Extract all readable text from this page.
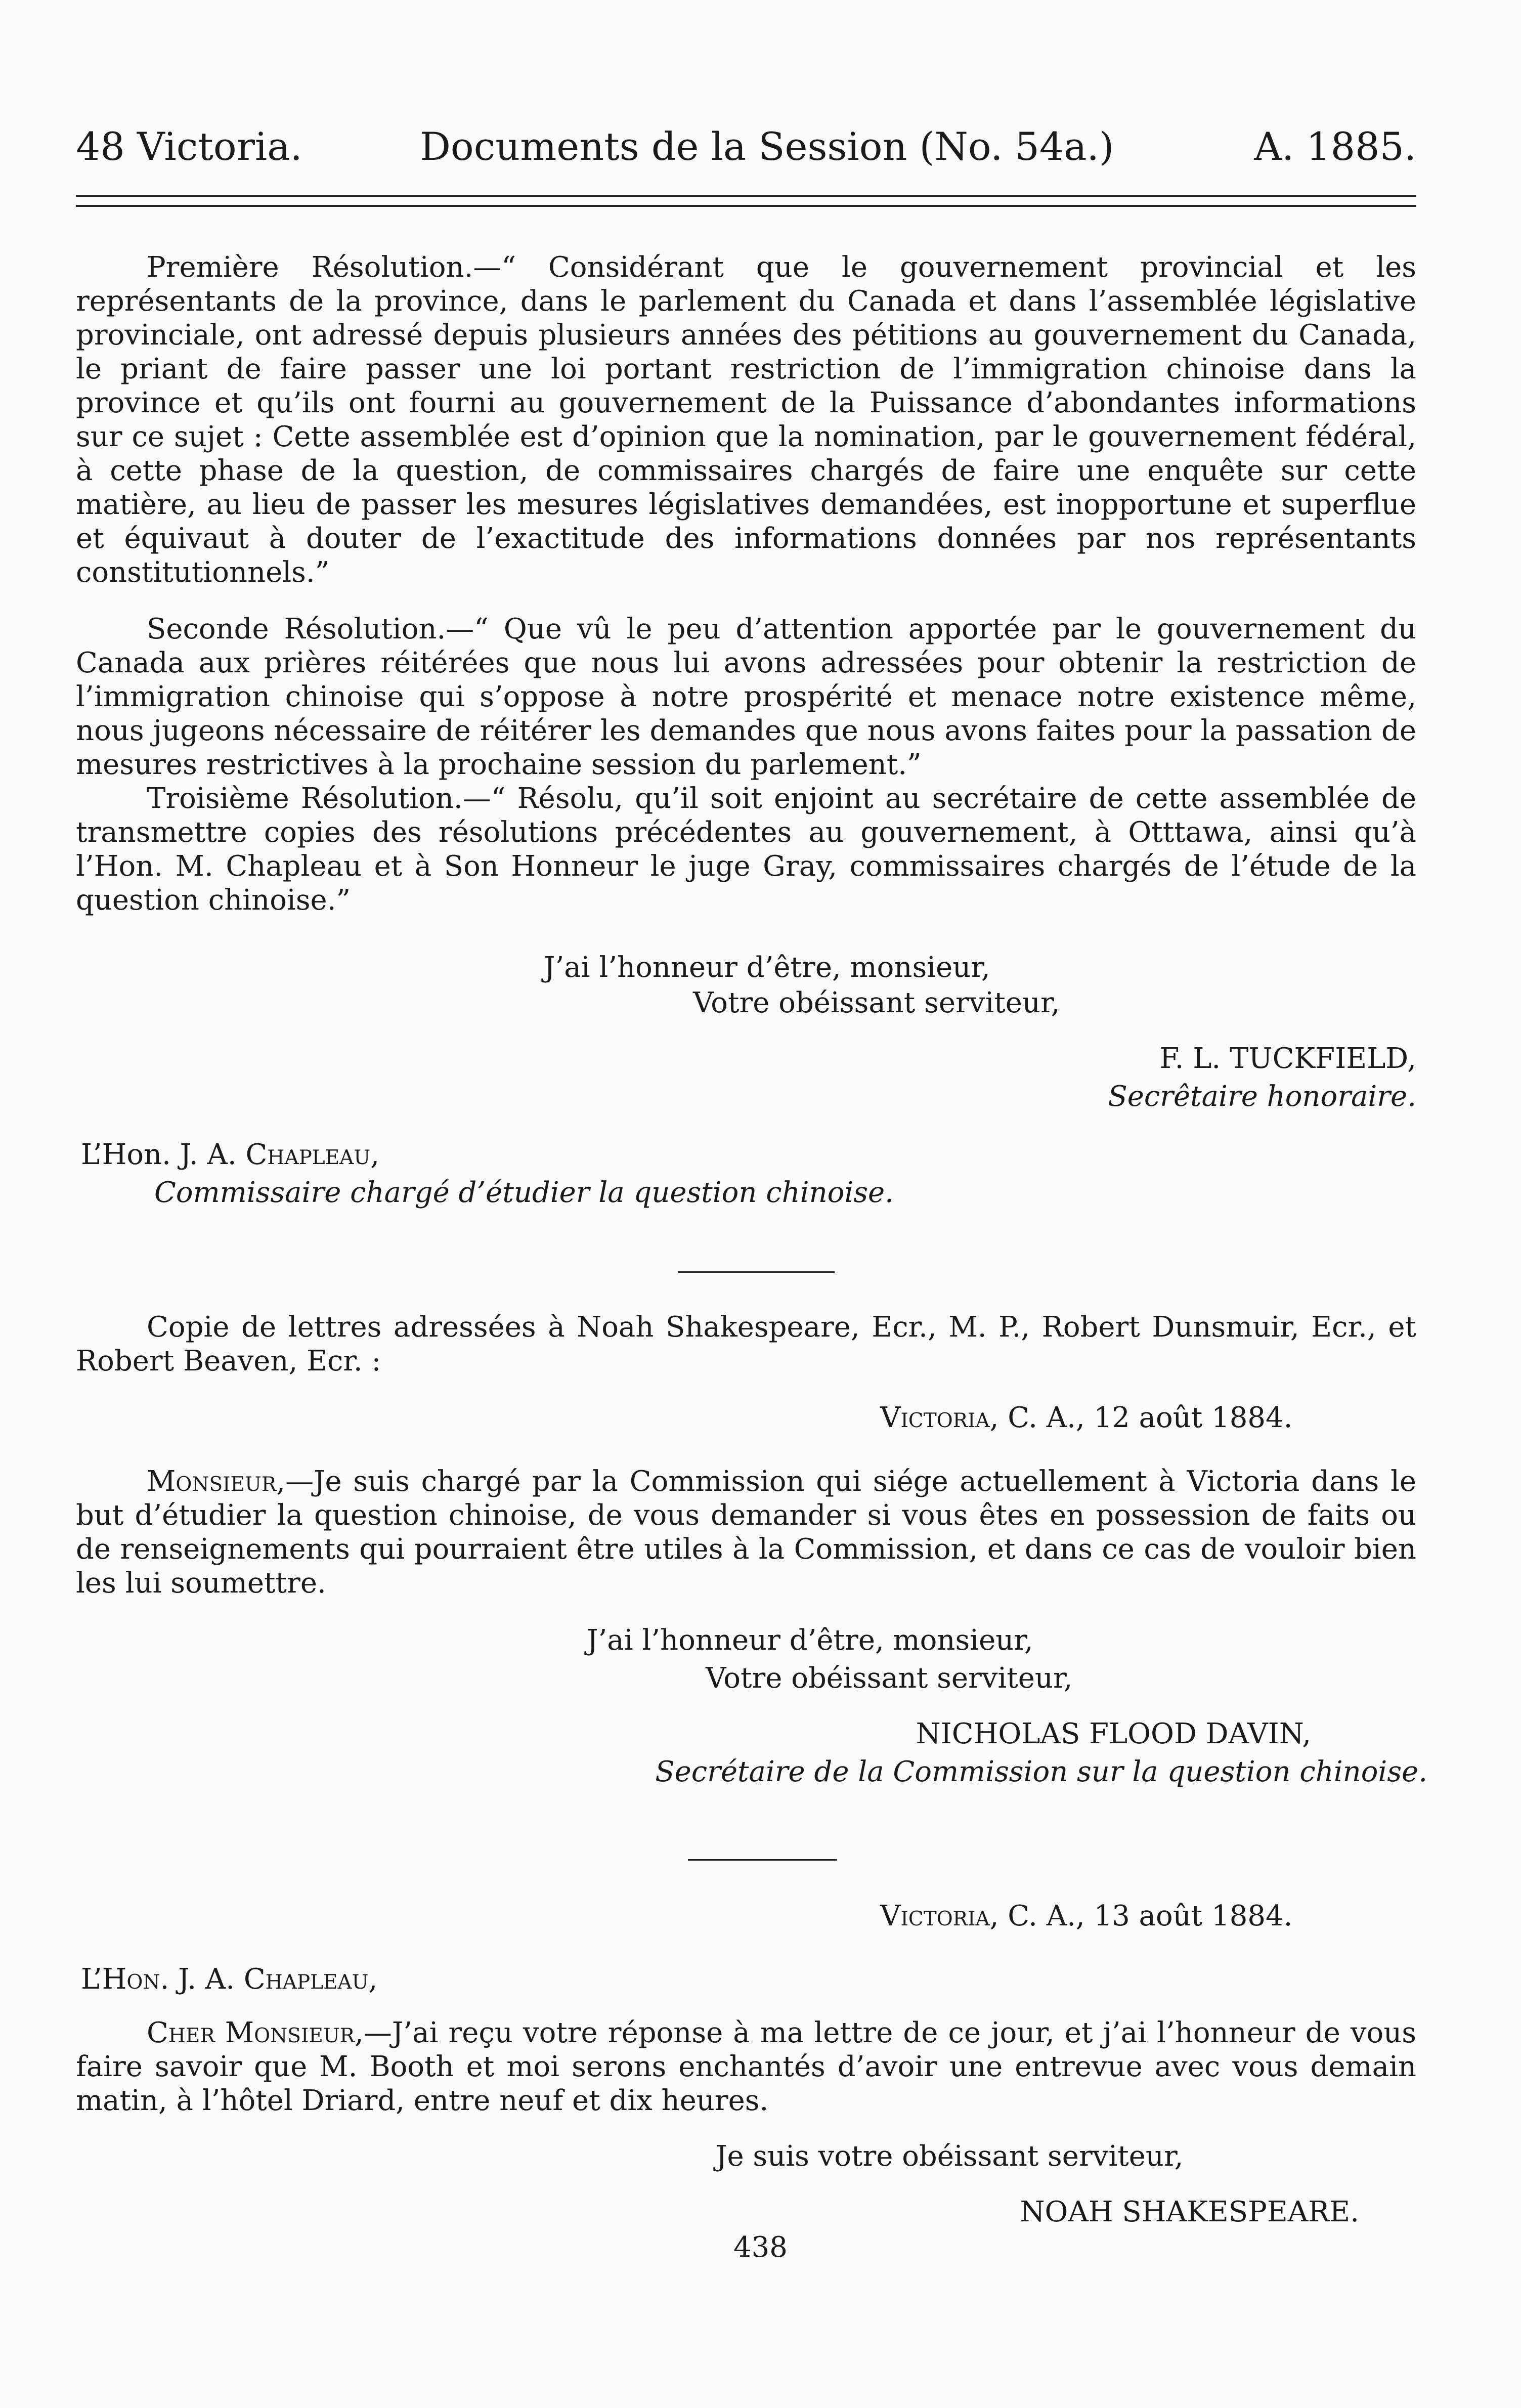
48 Victoria.	Documents de la Session (No. 54a.)	A. 1885.

Première Résolution.—“ Considérant que le gouvernement provincial et les représentants de la province, dans le parlement du Canada et dans l’assemblée législative provinciale, ont adressé depuis plusieurs années des pétitions au gouvernement du Canada, le priant de faire passer une loi portant restriction de l’immigration chinoise dans la province et qu’ils ont fourni au gouvernement de la Puissance d’abondantes informations sur ce sujet : Cette assemblée est d’opinion que la nomination, par le gouvernement fédéral, à cette phase de la question, de commissaires chargés de faire une enquête sur cette matière, au lieu de passer les mesures législatives demandées, est inopportune et superflue et équivaut à douter de l’exactitude des informations données par nos représentants constitutionnels.”

Seconde Résolution.—“ Que vû le peu d’attention apportée par le gouvernement du Canada aux prières réitérées que nous lui avons adressées pour obtenir la restriction de l’immigration chinoise qui s’oppose à notre prospérité et menace notre existence même, nous jugeons nécessaire de réitérer les demandes que nous avons faites pour la passation de mesures restrictives à la prochaine session du parlement.”

Troisième Résolution.—“ Résolu, qu’il soit enjoint au secrétaire de cette assemblée de transmettre copies des résolutions précédentes au gouvernement, à Otttawa, ainsi qu’à l’Hon. M. Chapleau et à Son Honneur le juge Gray, commissaires chargés de l’étude de la question chinoise.”

J’ai l’honneur d’être, monsieur,
Votre obéissant serviteur,
F. L. TUCKFIELD,
Secrêtaire honoraire.
L’Hon. J. A. Chapleau,
Commissaire chargé d’étudier la question chinoise.

Copie de lettres adressées à Noah Shakespeare, Ecr., M. P., Robert Dunsmuir, Ecr., et Robert Beaven, Ecr. :

Victoria, C. A., 12 août 1884.

Monsieur,—Je suis chargé par la Commission qui siége actuellement à Victoria dans le but d’étudier la question chinoise, de vous demander si vous êtes en possession de faits ou de renseignements qui pourraient être utiles à la Commission, et dans ce cas de vouloir bien les lui soumettre.

J’ai l’honneur d’être, monsieur,
Votre obéissant serviteur,
NICHOLAS FLOOD DAVIN,
Secrétaire de la Commission sur la question chinoise.
Victoria, C. A., 13 août 1884.
L’Hon. J. A. Chapleau,

Cher Monsieur,—J’ai reçu votre réponse à ma lettre de ce jour, et j’ai l’honneur de vous faire savoir que M. Booth et moi serons enchantés d’avoir une entrevue avec vous demain matin, à l’hôtel Driard, entre neuf et dix heures.

Je suis votre obéissant serviteur,
NOAH SHAKESPEARE.
438
